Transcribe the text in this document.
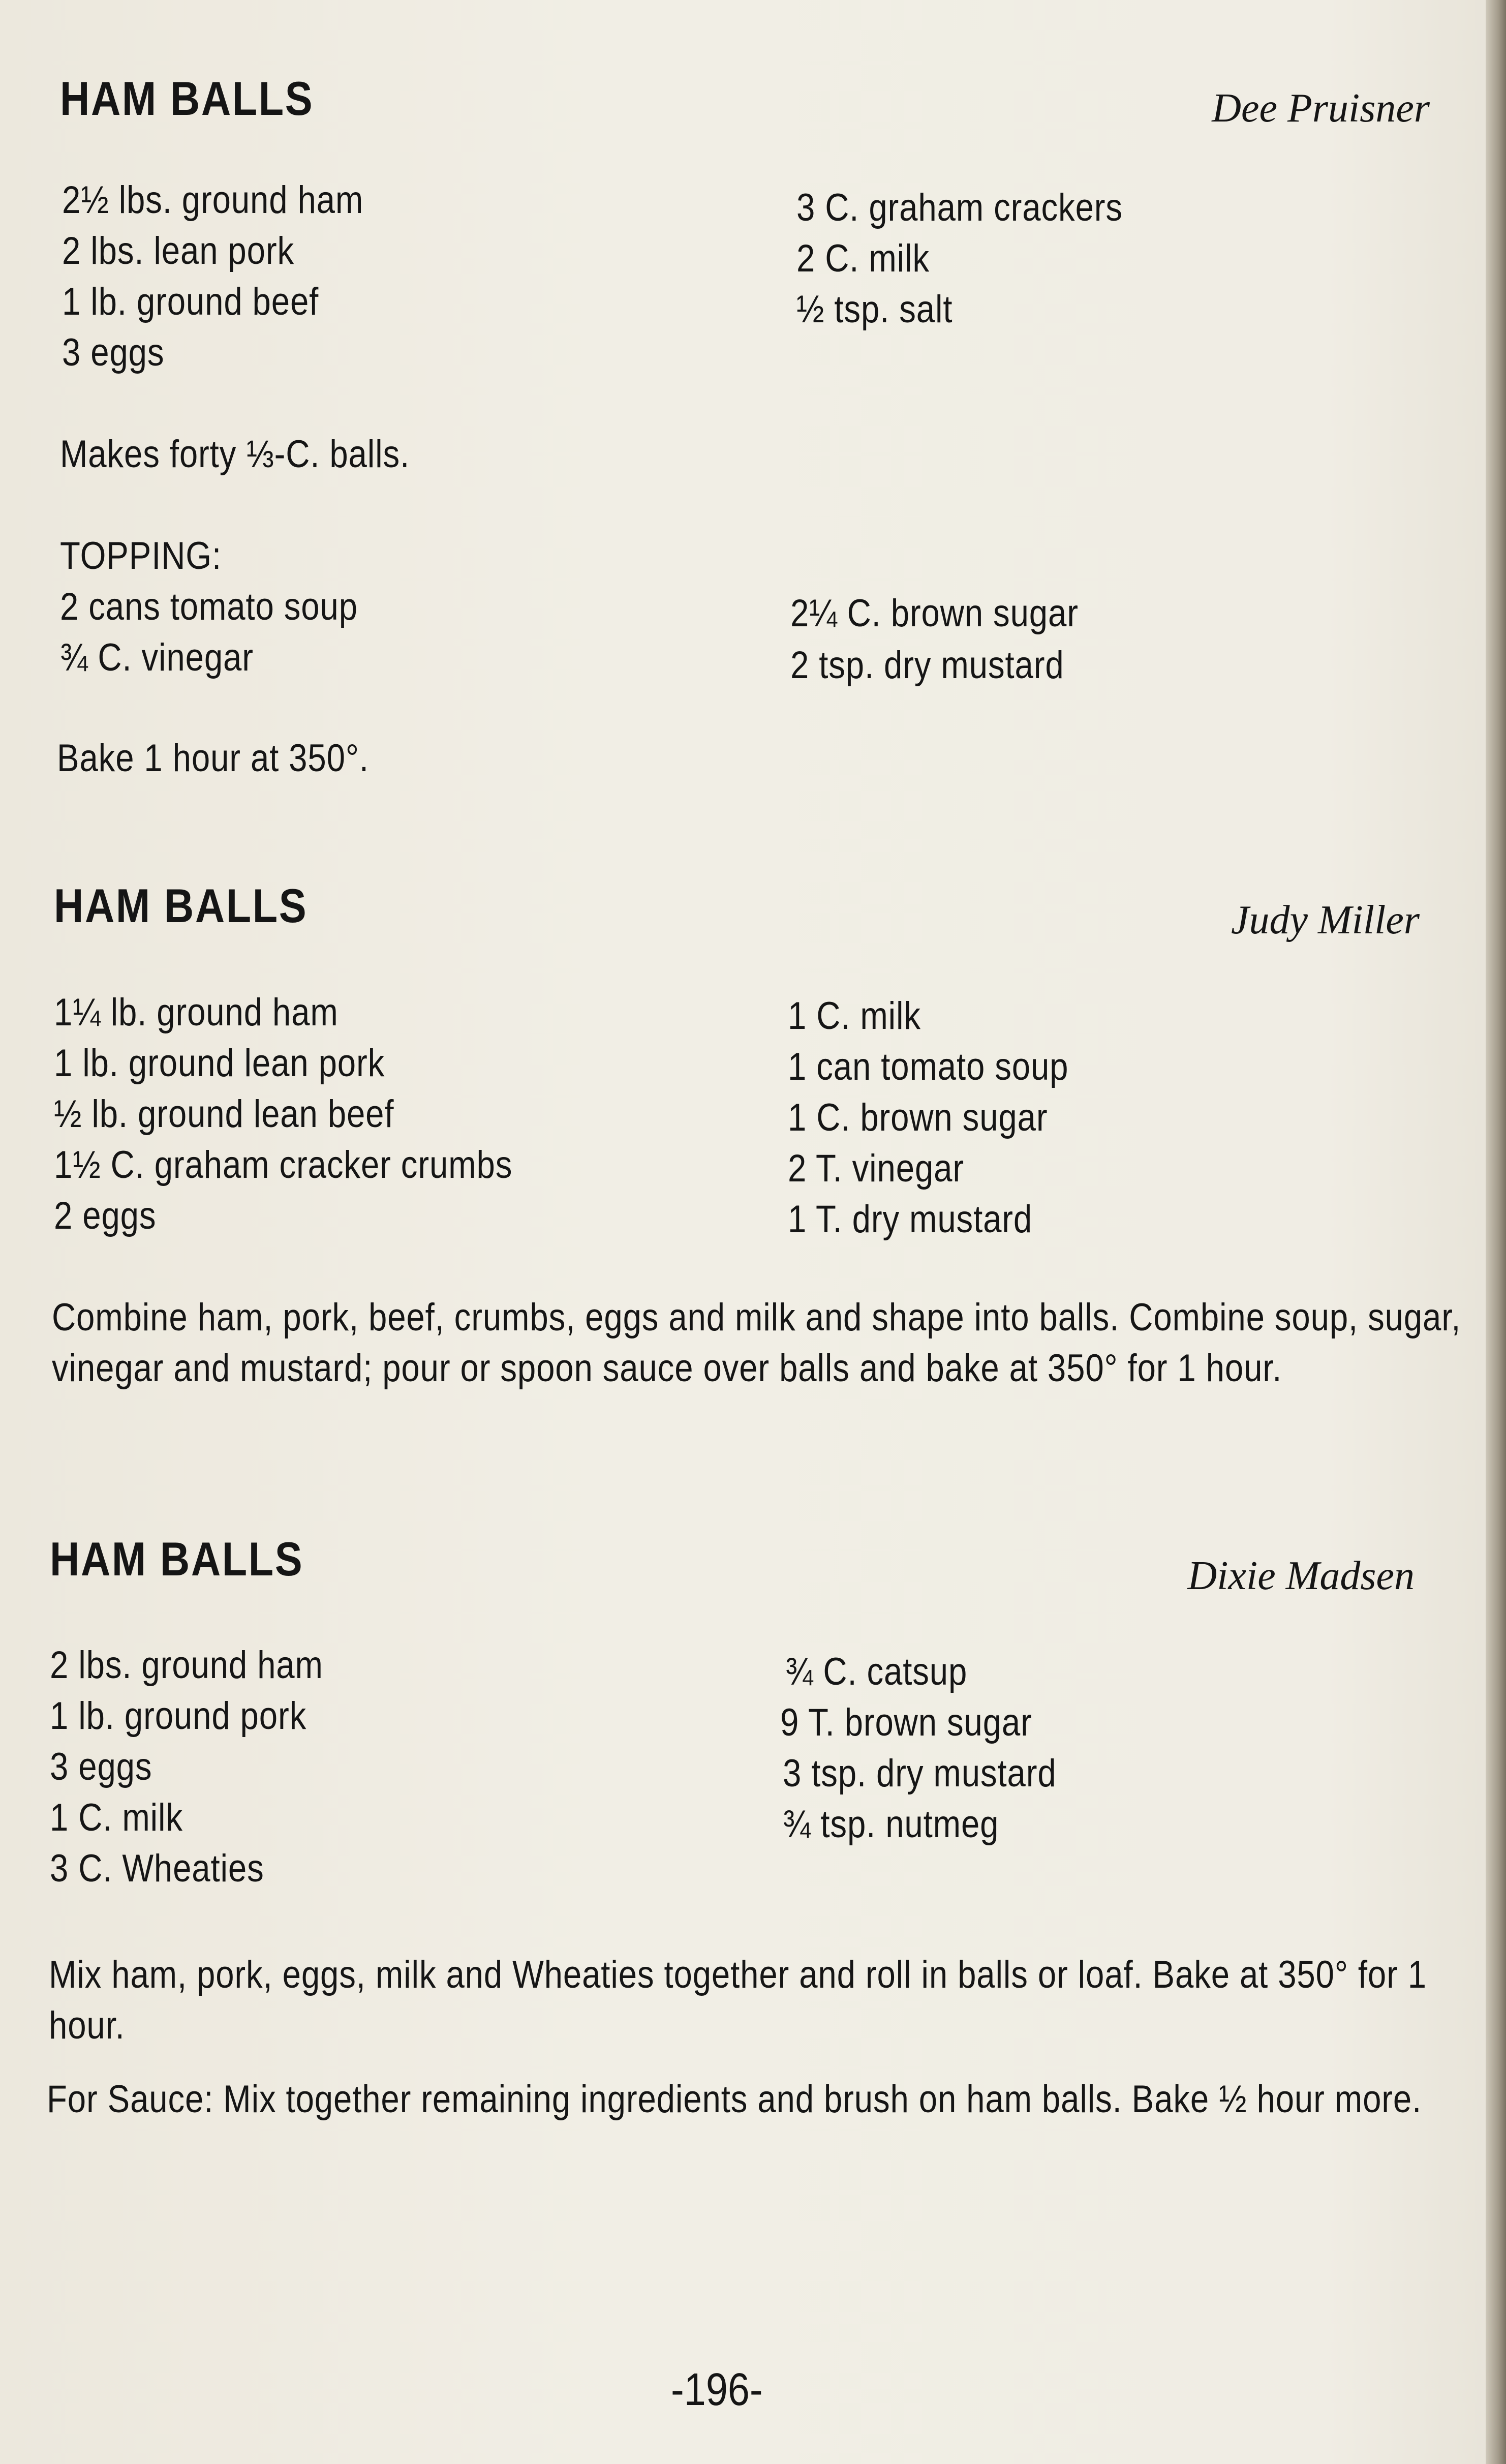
HAM BALLS	Dee Pruisner
2½ lbs. ground ham
2 lbs. lean pork
1 lb. ground beef
3 eggs
3 C. graham crackers
2 C. milk
½ tsp. salt
Makes forty ⅓-C. balls.
TOPPING:
2 cans tomato soup
¾ C. vinegar
2¼ C. brown sugar
2 tsp. dry mustard
Bake 1 hour at 350°.
HAM BALLS	Judy Miller
1¼ lb. ground ham
1 lb. ground lean pork
½ lb. ground lean beef
1½ C. graham cracker crumbs
2 eggs
1 C. milk
1 can tomato soup
1 C. brown sugar
2 T. vinegar
1 T. dry mustard
Combine ham, pork, beef, crumbs, eggs and milk and shape into balls. Combine soup, sugar, vinegar and mustard; pour or spoon sauce over balls and bake at 350° for 1 hour.
HAM BALLS	Dixie Madsen
2 lbs. ground ham
1 lb. ground pork
3 eggs
1 C. milk
3 C. Wheaties
¾ C. catsup
9 T. brown sugar
3 tsp. dry mustard
¾ tsp. nutmeg
Mix ham, pork, eggs, milk and Wheaties together and roll in balls or loaf. Bake at 350° for 1 hour.
For Sauce: Mix together remaining ingredients and brush on ham balls. Bake ½ hour more.
-196-
